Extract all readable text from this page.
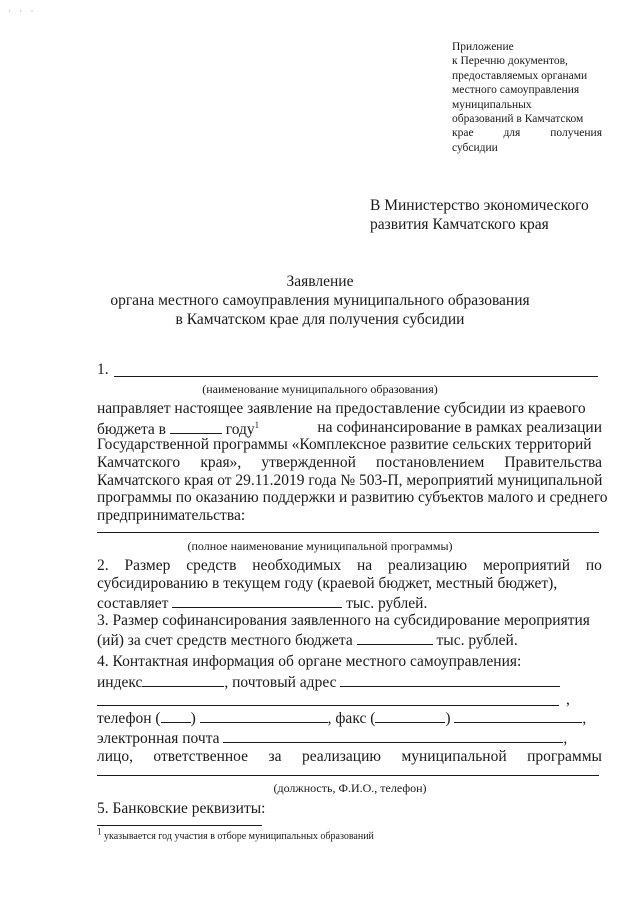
· · ·
Приложение
к Перечню документов,
предоставляемых органами
местного самоуправления
муниципальных
образований в Камчатском
крае	для	получения
субсидии
В Министерство экономического
развития Камчатского края
Заявление
органа местного самоуправления муниципального образования
в Камчатском крае для получения субсидии
1.
(наименование муниципального образования)
направляет настоящее заявление на предоставление субсидии из краевого
бюджета в	году$^1$	на софинансирование в рамках реализации
Государственной программы «Комплексное развитие сельских территорий
Камчатского края», утвержденной постановлением Правительства
Камчатского края от 29.11.2019 года № 503-П, мероприятий муниципальной
программы по оказанию поддержки и развитию субъектов малого и среднего
предпринимательства:
(полное наименование муниципальной программы)
2. Размер средств необходимых на реализацию мероприятий по
субсидированию в текущем году (краевой бюджет, местный бюджет),
составляет	тыс. рублей.
3. Размер софинансирования заявленного на субсидирование мероприятия
(ий) за счет средств местного бюджета	тыс. рублей.
4. Контактная информация об органе местного самоуправления:
индекс	, почтовый адрес
,
телефон ( )	, факс (	)	,
электронная почта	,
лицо, ответственное за реализацию муниципальной программы
(должность, Ф.И.О., телефон)
5. Банковские реквизиты:
$^1$ указывается год участия в отборе муниципальных образований
